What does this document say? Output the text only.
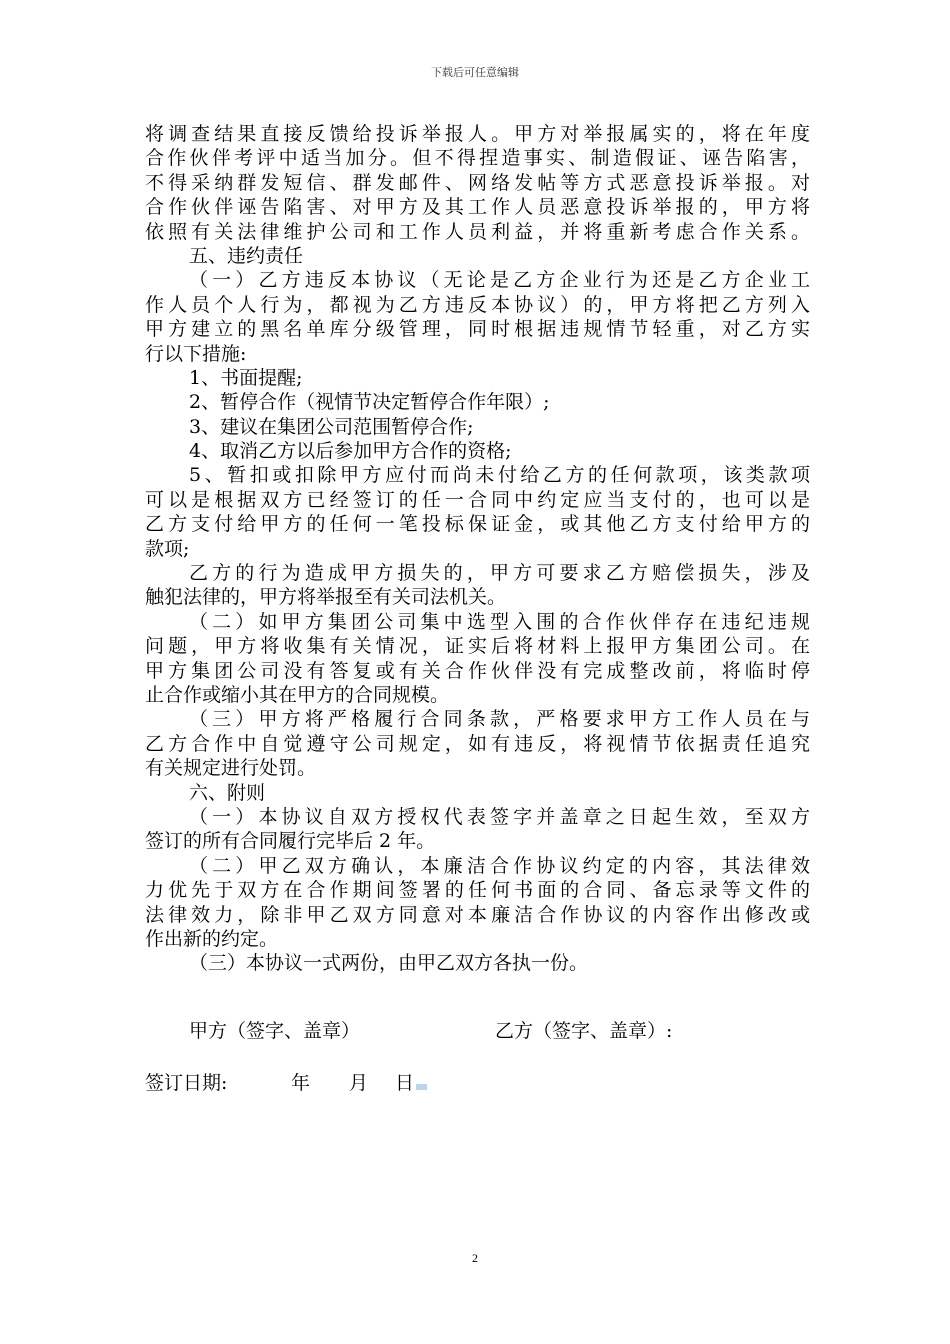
下载后可任意编辑
将调查结果直接反馈给投诉举报人。甲方对举报属实的，将在年度
合作伙伴考评中适当加分。但不得捏造事实、制造假证、诬告陷害，
不得采纳群发短信、群发邮件、网络发帖等方式恶意投诉举报。对
合作伙伴诬告陷害、对甲方及其工作人员恶意投诉举报的，甲方将
依照有关法律维护公司和工作人员利益，并将重新考虑合作关系。
五、违约责任
（一）乙方违反本协议（无论是乙方企业行为还是乙方企业工
作人员个人行为，都视为乙方违反本协议）的，甲方将把乙方列入
甲方建立的黑名单库分级管理，同时根据违规情节轻重，对乙方实
行以下措施:
1、书面提醒;
2、暂停合作（视情节决定暂停合作年限）;
3、建议在集团公司范围暂停合作;
4、取消乙方以后参加甲方合作的资格;
5、暂扣或扣除甲方应付而尚未付给乙方的任何款项，该类款项
可以是根据双方已经签订的任一合同中约定应当支付的，也可以是
乙方支付给甲方的任何一笔投标保证金，或其他乙方支付给甲方的
款项;
乙方的行为造成甲方损失的，甲方可要求乙方赔偿损失，涉及
触犯法律的，甲方将举报至有关司法机关。
（二）如甲方集团公司集中选型入围的合作伙伴存在违纪违规
问题，甲方将收集有关情况，证实后将材料上报甲方集团公司。在
甲方集团公司没有答复或有关合作伙伴没有完成整改前，将临时停
止合作或缩小其在甲方的合同规模。
（三）甲方将严格履行合同条款，严格要求甲方工作人员在与
乙方合作中自觉遵守公司规定，如有违反，将视情节依据责任追究
有关规定进行处罚。
六、附则
（一）本协议自双方授权代表签字并盖章之日起生效，至双方
签订的所有合同履行完毕后 2 年。
（二）甲乙双方确认，本廉洁合作协议约定的内容，其法律效
力优先于双方在合作期间签署的任何书面的合同、备忘录等文件的
法律效力，除非甲乙双方同意对本廉洁合作协议的内容作出修改或
作出新的约定。
（三）本协议一式两份，由甲乙双方各执一份。
甲方（签字、盖章）	乙方（签字、盖章）:
签订日期:	年 月 日
2
